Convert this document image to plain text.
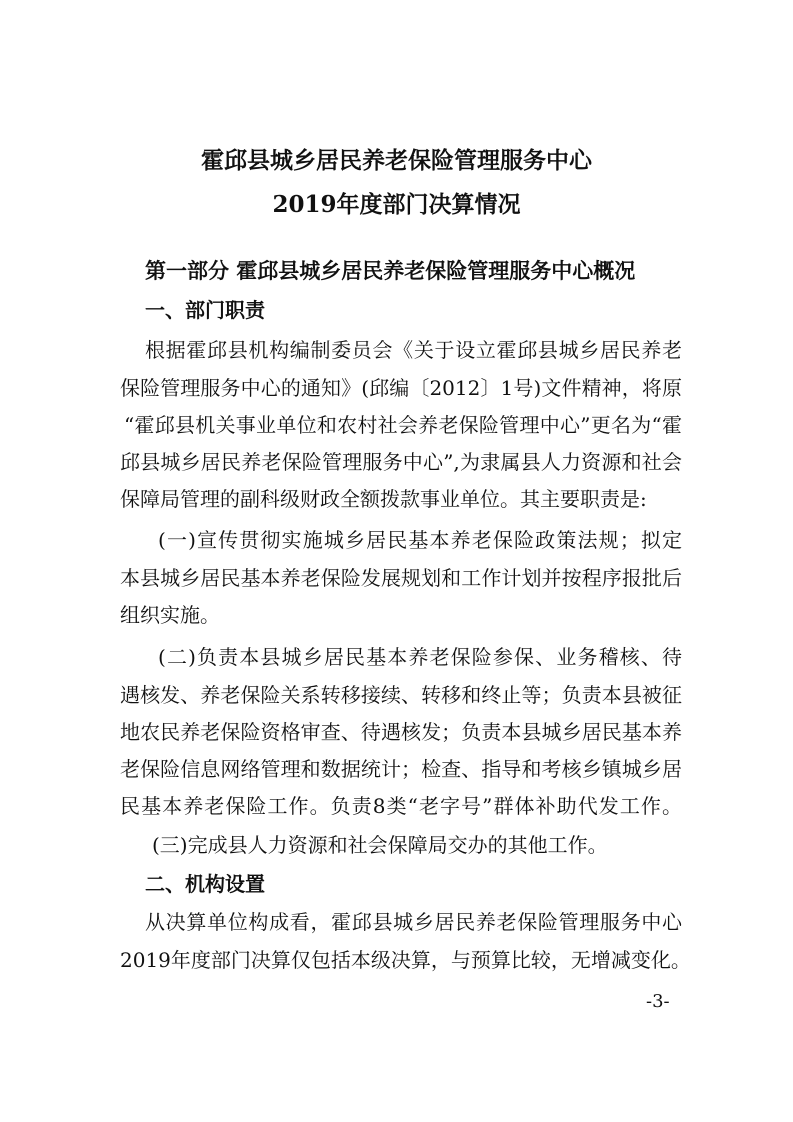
霍邱县城乡居民养老保险管理服务中心
2019年度部门决算情况
第一部分 霍邱县城乡居民养老保险管理服务中心概况
一、部门职责
根据霍邱县机构编制委员会《关于设立霍邱县城乡居民养老
保险管理服务中心的通知》(邱编〔2012〕1号)文件精神，将原
“霍邱县机关事业单位和农村社会养老保险管理中心”更名为“霍
邱县城乡居民养老保险管理服务中心”,为隶属县人力资源和社会
保障局管理的副科级财政全额拨款事业单位。其主要职责是:
(一)宣传贯彻实施城乡居民基本养老保险政策法规；拟定
本县城乡居民基本养老保险发展规划和工作计划并按程序报批后
组织实施。
(二)负责本县城乡居民基本养老保险参保、业务稽核、待
遇核发、养老保险关系转移接续、转移和终止等；负责本县被征
地农民养老保险资格审查、待遇核发；负责本县城乡居民基本养
老保险信息网络管理和数据统计；检查、指导和考核乡镇城乡居
民基本养老保险工作。负责8类“老字号”群体补助代发工作。
(三)完成县人力资源和社会保障局交办的其他工作。
二、机构设置
从决算单位构成看，霍邱县城乡居民养老保险管理服务中心
2019年度部门决算仅包括本级决算，与预算比较，无增减变化。
-3-
